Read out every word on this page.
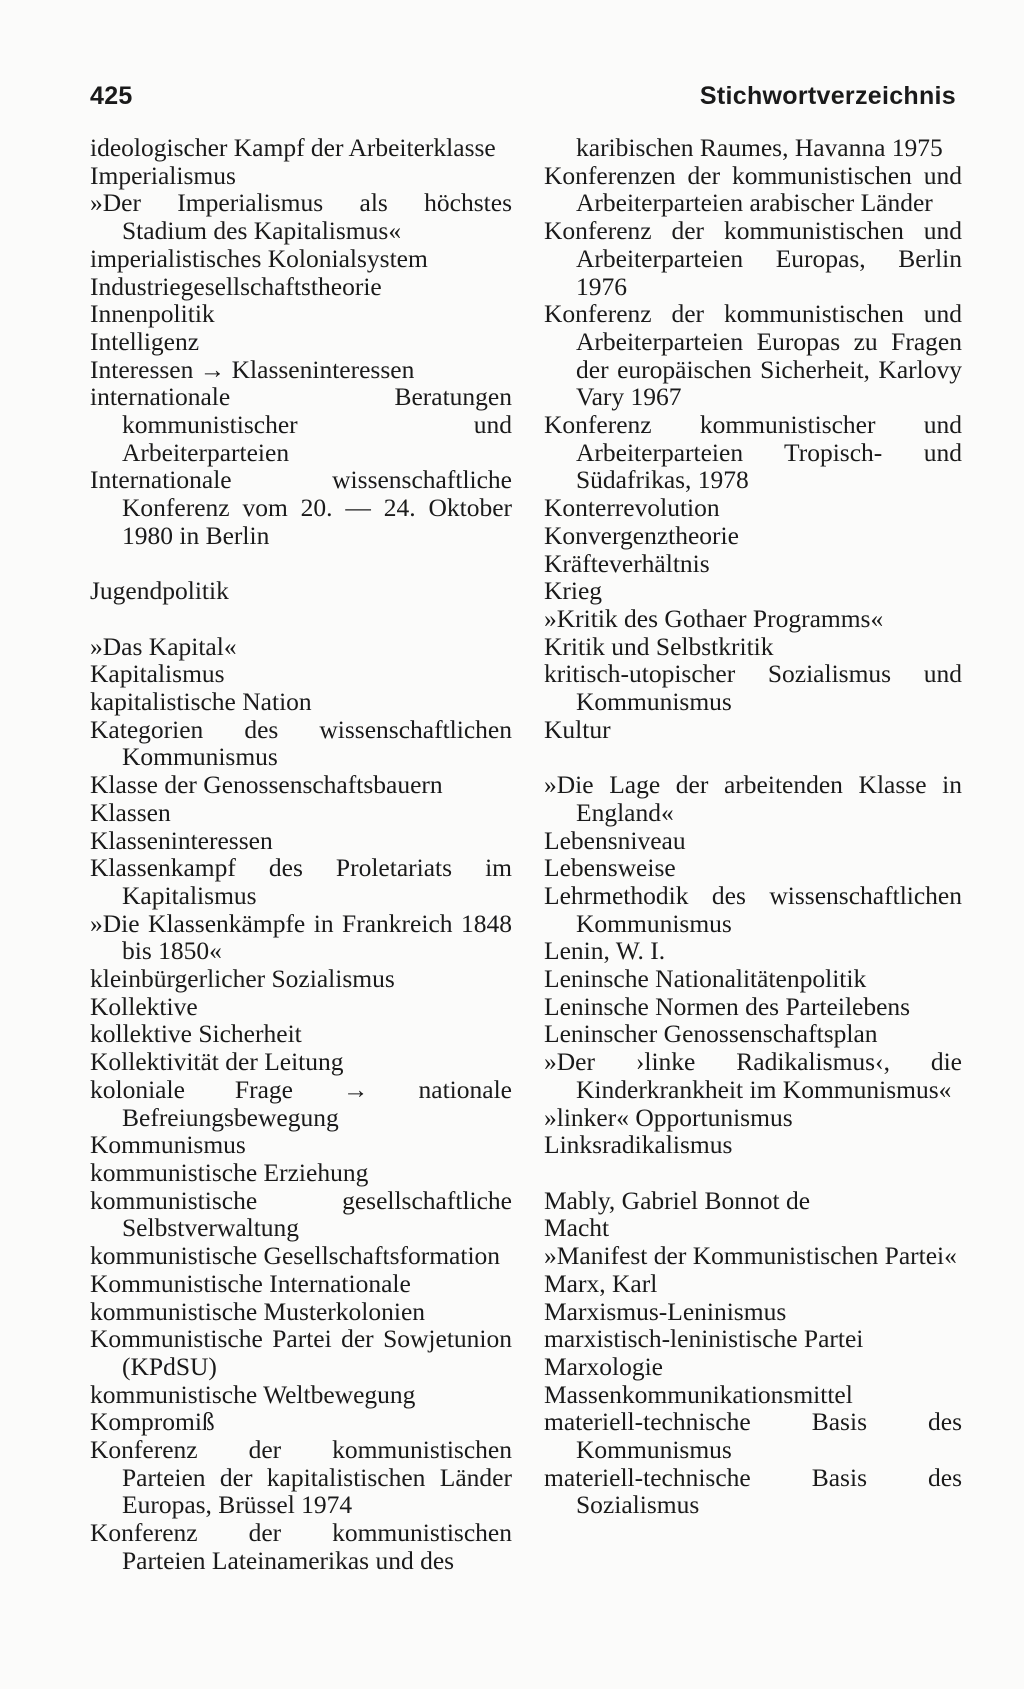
425	Stichwortverzeichnis
ideologischer Kampf der Arbeiterklasse
Imperialismus
»Der Imperialismus als höchstes Stadium des Kapitalismus«
imperialistisches Kolonialsystem
Industriegesellschaftstheorie
Innenpolitik
Intelligenz
Interessen → Klasseninteressen
internationale Beratungen kommunistischer und Arbeiterparteien
Internationale wissenschaftliche Konferenz vom 20. — 24. Oktober 1980 in Berlin
Jugendpolitik
»Das Kapital«
Kapitalismus
kapitalistische Nation
Kategorien des wissenschaftlichen Kommunismus
Klasse der Genossenschaftsbauern
Klassen
Klasseninteressen
Klassenkampf des Proletariats im Kapitalismus
»Die Klassenkämpfe in Frankreich 1848 bis 1850«
kleinbürgerlicher Sozialismus
Kollektive
kollektive Sicherheit
Kollektivität der Leitung
koloniale Frage → nationale Befreiungsbewegung
Kommunismus
kommunistische Erziehung
kommunistische gesellschaftliche Selbstverwaltung
kommunistische Gesellschaftsformation
Kommunistische Internationale
kommunistische Musterkolonien
Kommunistische Partei der Sowjetunion (KPdSU)
kommunistische Weltbewegung
Kompromiß
Konferenz der kommunistischen Parteien der kapitalistischen Länder Europas, Brüssel 1974
Konferenz der kommunistischen Parteien Lateinamerikas und des
karibischen Raumes, Havanna 1975
Konferenzen der kommunistischen und Arbeiterparteien arabischer Länder
Konferenz der kommunistischen und Arbeiterparteien Europas, Berlin 1976
Konferenz der kommunistischen und Arbeiterparteien Europas zu Fragen der europäischen Sicherheit, Karlovy Vary 1967
Konferenz kommunistischer und Arbeiterparteien Tropisch- und Südafrikas, 1978
Konterrevolution
Konvergenztheorie
Kräfteverhältnis
Krieg
»Kritik des Gothaer Programms«
Kritik und Selbstkritik
kritisch-utopischer Sozialismus und Kommunismus
Kultur
»Die Lage der arbeitenden Klasse in England«
Lebensniveau
Lebensweise
Lehrmethodik des wissenschaftlichen Kommunismus
Lenin, W. I.
Leninsche Nationalitätenpolitik
Leninsche Normen des Parteilebens
Leninscher Genossenschaftsplan
»Der ›linke Radikalismus‹, die Kinderkrankheit im Kommunismus«
»linker« Opportunismus
Linksradikalismus
Mably, Gabriel Bonnot de
Macht
»Manifest der Kommunistischen Partei«
Marx, Karl
Marxismus-Leninismus
marxistisch-leninistische Partei
Marxologie
Massenkommunikationsmittel
materiell-technische Basis des Kommunismus
materiell-technische Basis des Sozialismus
